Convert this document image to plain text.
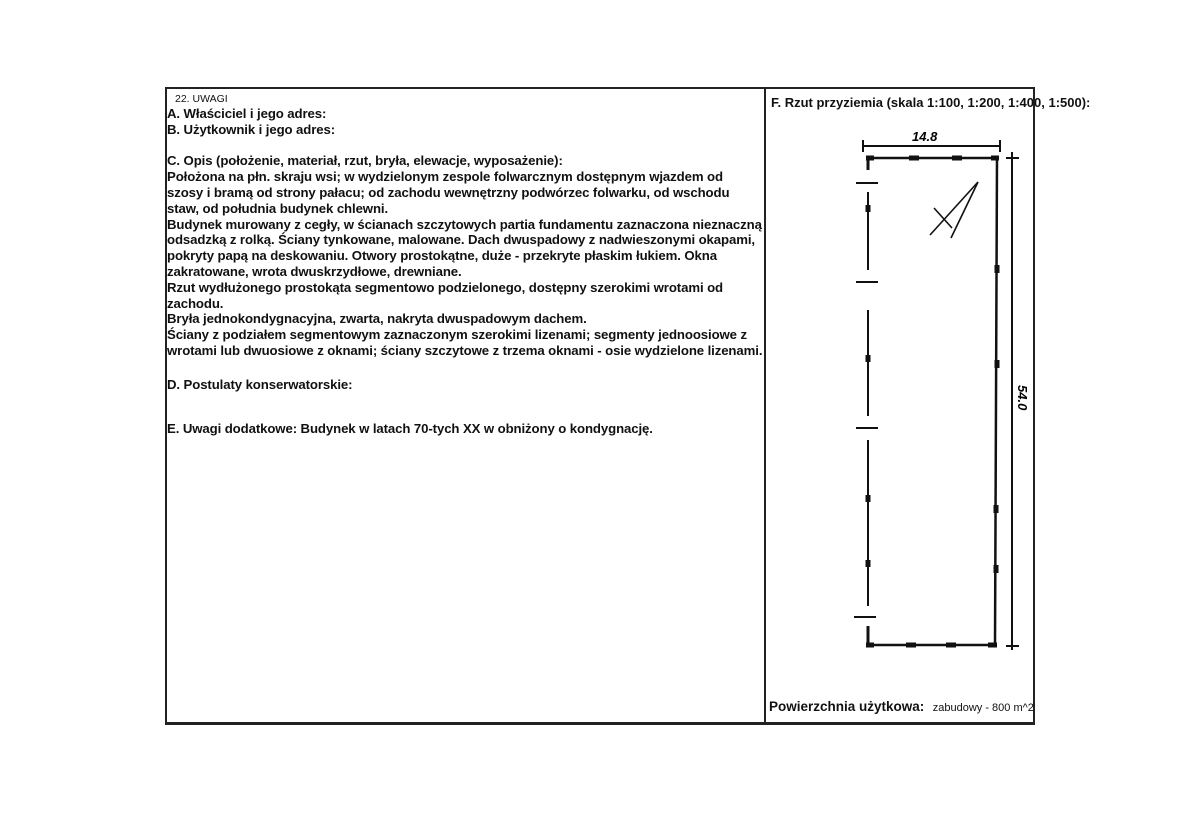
22. UWAGI
A. Właściciel i jego adres:
B. Użytkownik i jego adres:
C. Opis (położenie, materiał, rzut, bryła, elewacje, wyposażenie):
Położona na płn. skraju wsi; w wydzielonym zespole folwarcznym dostępnym wjazdem od
szosy i bramą od strony pałacu; od zachodu wewnętrzny podwórzec folwarku, od wschodu
staw, od południa budynek chlewni.
Budynek murowany z cegły, w ścianach szczytowych partia fundamentu zaznaczona nieznaczną
odsadzką z rolką. Ściany tynkowane, malowane. Dach dwuspadowy z nadwieszonymi okapami,
pokryty papą na deskowaniu. Otwory prostokątne, duże - przekryte płaskim łukiem. Okna
zakratowane, wrota dwuskrzydłowe, drewniane.
Rzut wydłużonego prostokąta segmentowo podzielonego, dostępny szerokimi wrotami od
zachodu.
Bryła jednokondygnacyjna, zwarta, nakryta dwuspadowym dachem.
Ściany z podziałem segmentowym zaznaczonym szerokimi lizenami; segmenty jednoosiowe z
wrotami lub dwuosiowe z oknami; ściany szczytowe z trzema oknami - osie wydzielone lizenami.
D. Postulaty konserwatorskie:
E. Uwagi dodatkowe: Budynek w latach 70-tych XX w obniżony o kondygnację.
F. Rzut przyziemia (skala 1:100, 1:200, 1:400, 1:500):
14.8
54.0
Powierzchnia użytkowa: zabudowy - 800 m^2
